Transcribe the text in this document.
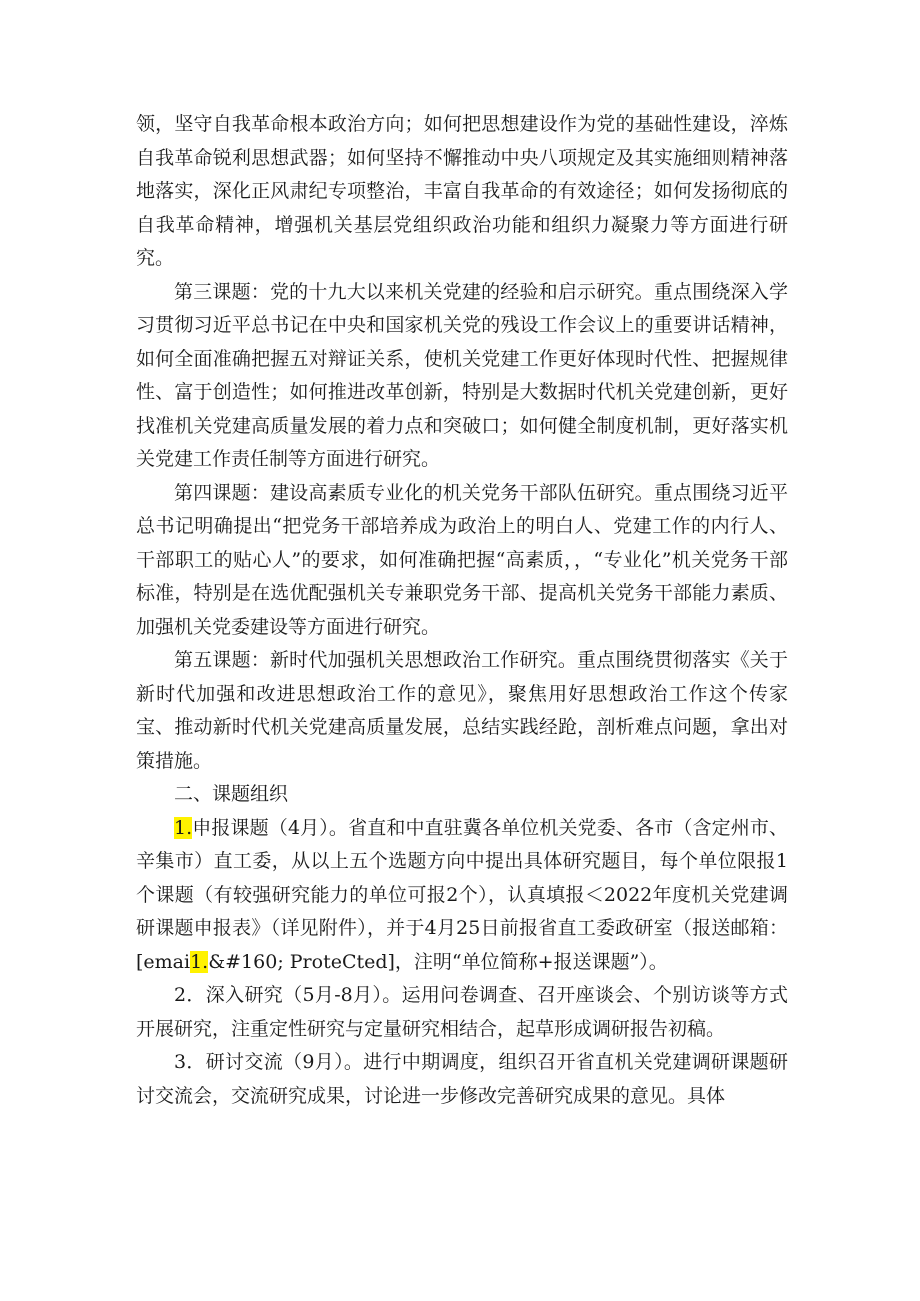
领，坚守自我革命根本政治方向；如何把思想建设作为党的基础性建设，淬炼自我革命锐利思想武器；如何坚持不懈推动中央八项规定及其实施细则精神落地落实，深化正风肃纪专项整治，丰富自我革命的有效途径；如何发扬彻底的自我革命精神，增强机关基层党组织政治功能和组织力凝聚力等方面进行研究。

第三课题：党的十九大以来机关党建的经验和启示研究。重点围绕深入学习贯彻习近平总书记在中央和国家机关党的残设工作会议上的重要讲话精神，如何全面准确把握五对辩证关系，使机关党建工作更好体现时代性、把握规律性、富于创造性；如何推进改革创新，特别是大数据时代机关党建创新，更好找准机关党建高质量发展的着力点和突破口；如何健全制度机制，更好落实机关党建工作责任制等方面进行研究。

第四课题：建设高素质专业化的机关党务干部队伍研究。重点围绕习近平总书记明确提出“把党务干部培养成为政治上的明白人、党建工作的内行人、干部职工的贴心人”的要求，如何准确把握“高素质，，“专业化”机关党务干部标准，特别是在选优配强机关专兼职党务干部、提高机关党务干部能力素质、加强机关党委建设等方面进行研究。

第五课题：新时代加强机关思想政治工作研究。重点围绕贯彻落实《关于新时代加强和改进思想政治工作的意见》，聚焦用好思想政治工作这个传家宝、推动新时代机关党建高质量发展，总结实践经跄，剖析难点问题，拿出对策措施。

二、课题组织

1.申报课题（4月）。省直和中直驻冀各单位机关党委、各市（含定州市、辛集市）直工委，从以上五个选题方向中提出具体研究题目，每个单位限报1个课题（有较强研究能力的单位可报2个），认真填报＜2022年度机关党建调研课题申报表》（详见附件），并于4月25日前报省直工委政研室（报送邮箱：[emai1.&#160; ProteCted]，注明“单位简称+报送课题”）。

2．深入研究（5月-8月）。运用问卷调查、召开座谈会、个别访谈等方式开展研究，注重定性研究与定量研究相结合，起草形成调研报告初稿。

3．研讨交流（9月）。进行中期调度，组织召开省直机关党建调研课题研讨交流会，交流研究成果，讨论进一步修改完善研究成果的意见。具体
